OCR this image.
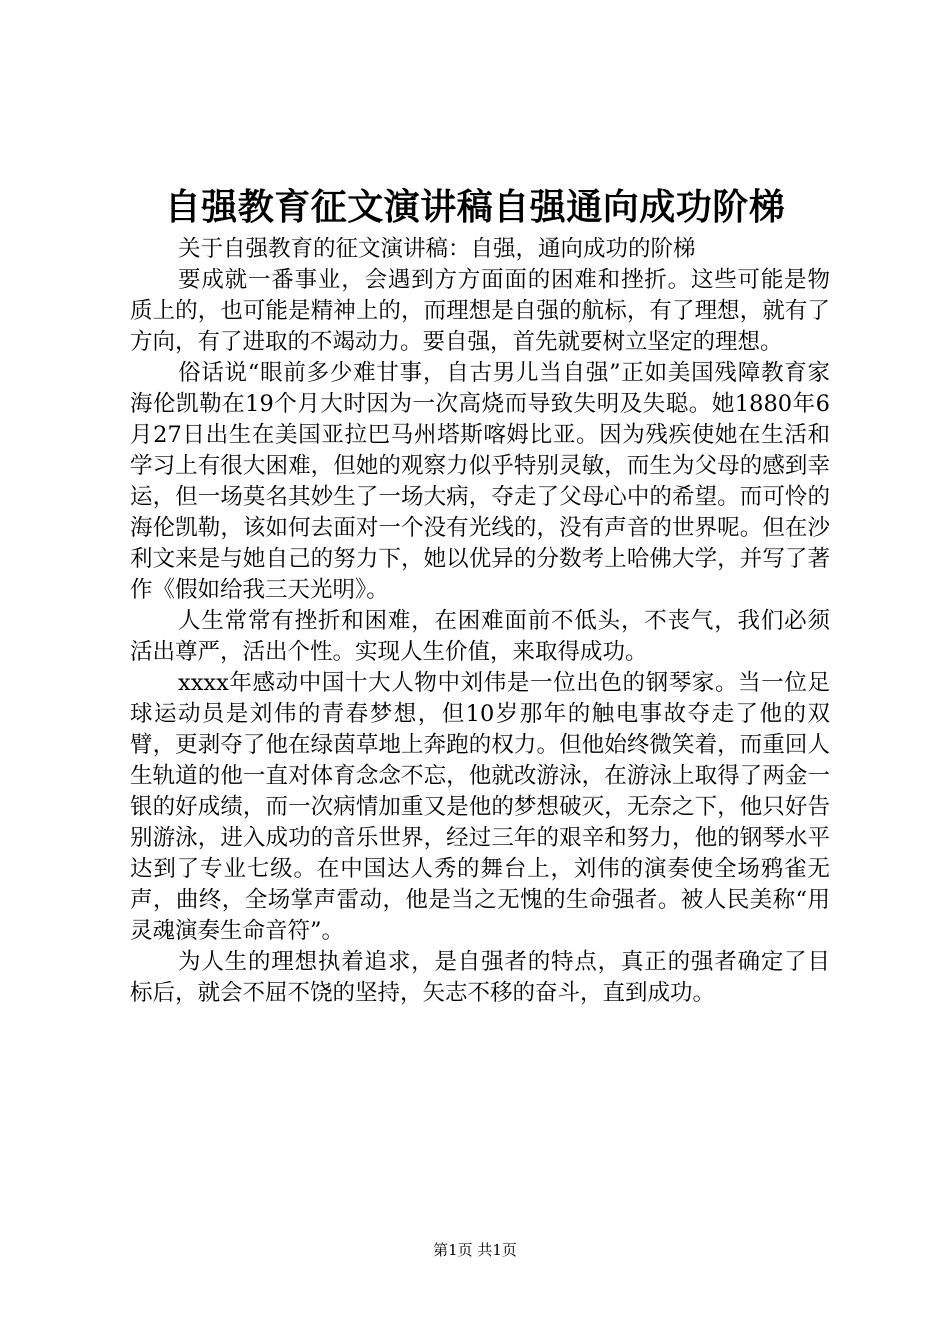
自强教育征文演讲稿自强通向成功阶梯

关于自强教育的征文演讲稿：自强，通向成功的阶梯

要成就一番事业，会遇到方方面面的困难和挫折。这些可能是物质上的，也可能是精神上的，而理想是自强的航标，有了理想，就有了方向，有了进取的不竭动力。要自强，首先就要树立坚定的理想。

俗话说“眼前多少难甘事，自古男儿当自强”正如美国残障教育家海伦凯勒在19个月大时因为一次高烧而导致失明及失聪。她1880年6月27日出生在美国亚拉巴马州塔斯喀姆比亚。因为残疾使她在生活和学习上有很大困难，但她的观察力似乎特别灵敏，而生为父母的感到幸运，但一场莫名其妙生了一场大病，夺走了父母心中的希望。而可怜的海伦凯勒，该如何去面对一个没有光线的，没有声音的世界呢。但在沙利文来是与她自己的努力下，她以优异的分数考上哈佛大学，并写了著作《假如给我三天光明》。

人生常常有挫折和困难，在困难面前不低头，不丧气，我们必须活出尊严，活出个性。实现人生价值，来取得成功。

xxxx年感动中国十大人物中刘伟是一位出色的钢琴家。当一位足球运动员是刘伟的青春梦想，但10岁那年的触电事故夺走了他的双臂，更剥夺了他在绿茵草地上奔跑的权力。但他始终微笑着，而重回人生轨道的他一直对体育念念不忘，他就改游泳，在游泳上取得了两金一银的好成绩，而一次病情加重又是他的梦想破灭，无奈之下，他只好告别游泳，进入成功的音乐世界，经过三年的艰辛和努力，他的钢琴水平达到了专业七级。在中国达人秀的舞台上，刘伟的演奏使全场鸦雀无声，曲终，全场掌声雷动，他是当之无愧的生命强者。被人民美称“用灵魂演奏生命音符”。

为人生的理想执着追求，是自强者的特点，真正的强者确定了目标后，就会不屈不饶的坚持，矢志不移的奋斗，直到成功。

第1页 共1页
